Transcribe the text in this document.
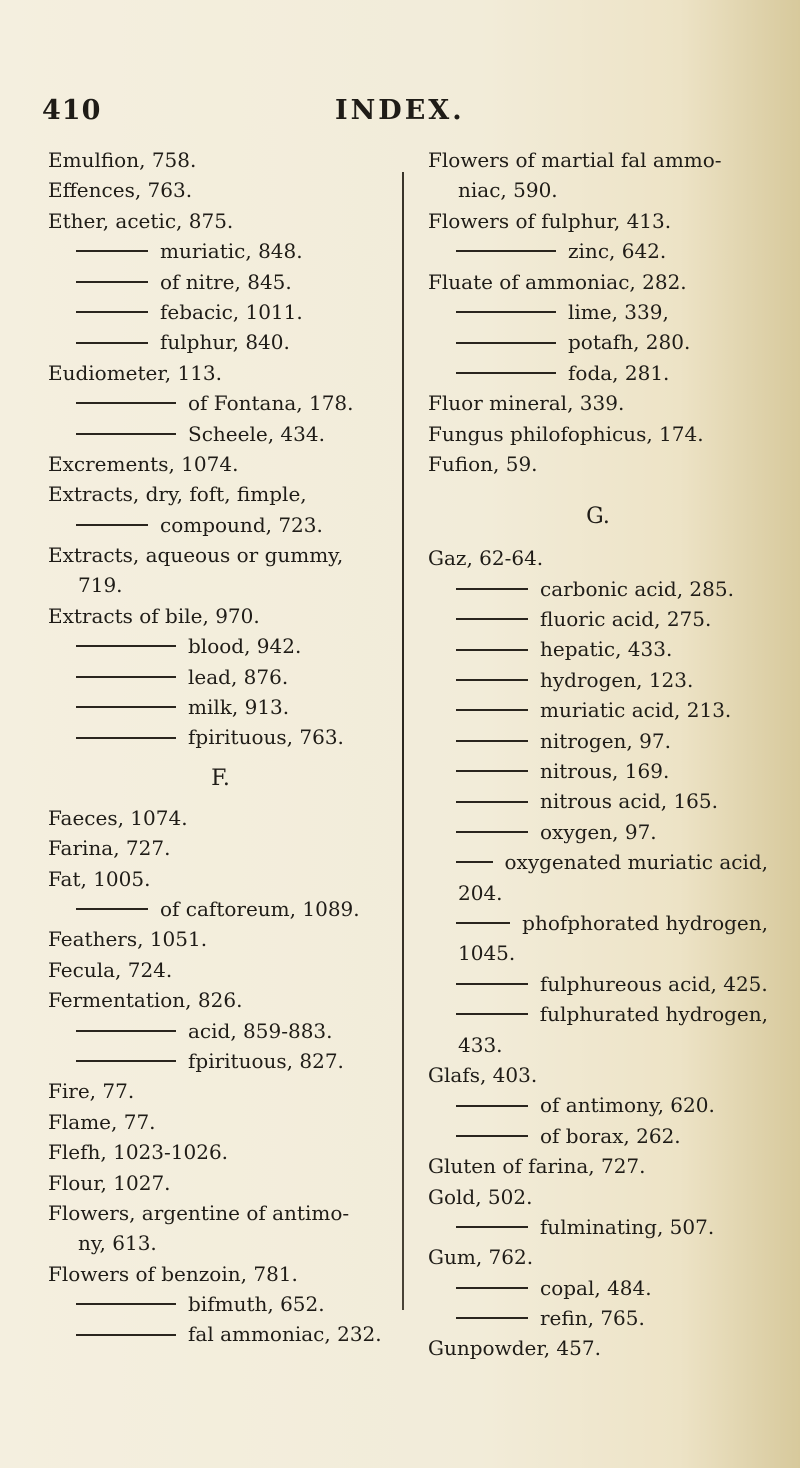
410	INDEX.
Emulfion, 758.
Effences, 763.
Ether, acetic, 875.
muriatic, 848.
of nitre, 845.
febacic, 1011.
fulphur, 840.
Eudiometer, 113.
of Fontana, 178.
Scheele, 434.
Excrements, 1074.
Extracts, dry, foft, fimple,
compound, 723.
Extracts, aqueous or gummy,
719.
Extracts of bile, 970.
blood, 942.
lead, 876.
milk, 913.
fpirituous, 763.
F.
Faeces, 1074.
Farina, 727.
Fat, 1005.
of caftoreum, 1089.
Feathers, 1051.
Fecula, 724.
Fermentation, 826.
acid, 859-883.
fpirituous, 827.
Fire, 77.
Flame, 77.
Flefh, 1023-1026.
Flour, 1027.
Flowers, argentine of antimo-
ny, 613.
Flowers of benzoin, 781.
bifmuth, 652.
fal ammoniac, 232.
Flowers of martial fal ammo-
niac, 590.
Flowers of fulphur, 413.
zinc, 642.
Fluate of ammoniac, 282.
lime, 339,
potafh, 280.
foda, 281.
Fluor mineral, 339.
Fungus philofophicus, 174.
Fufion, 59.
G.
Gaz, 62-64.
carbonic acid, 285.
fluoric acid, 275.
hepatic, 433.
hydrogen, 123.
muriatic acid, 213.
nitrogen, 97.
nitrous, 169.
nitrous acid, 165.
oxygen, 97.
oxygenated muriatic acid,
204.
phofphorated hydrogen,
1045.
fulphureous acid, 425.
fulphurated hydrogen,
433.
Glafs, 403.
of antimony, 620.
of borax, 262.
Gluten of farina, 727.
Gold, 502.
fulminating, 507.
Gum, 762.
copal, 484.
refin, 765.
Gunpowder, 457.
